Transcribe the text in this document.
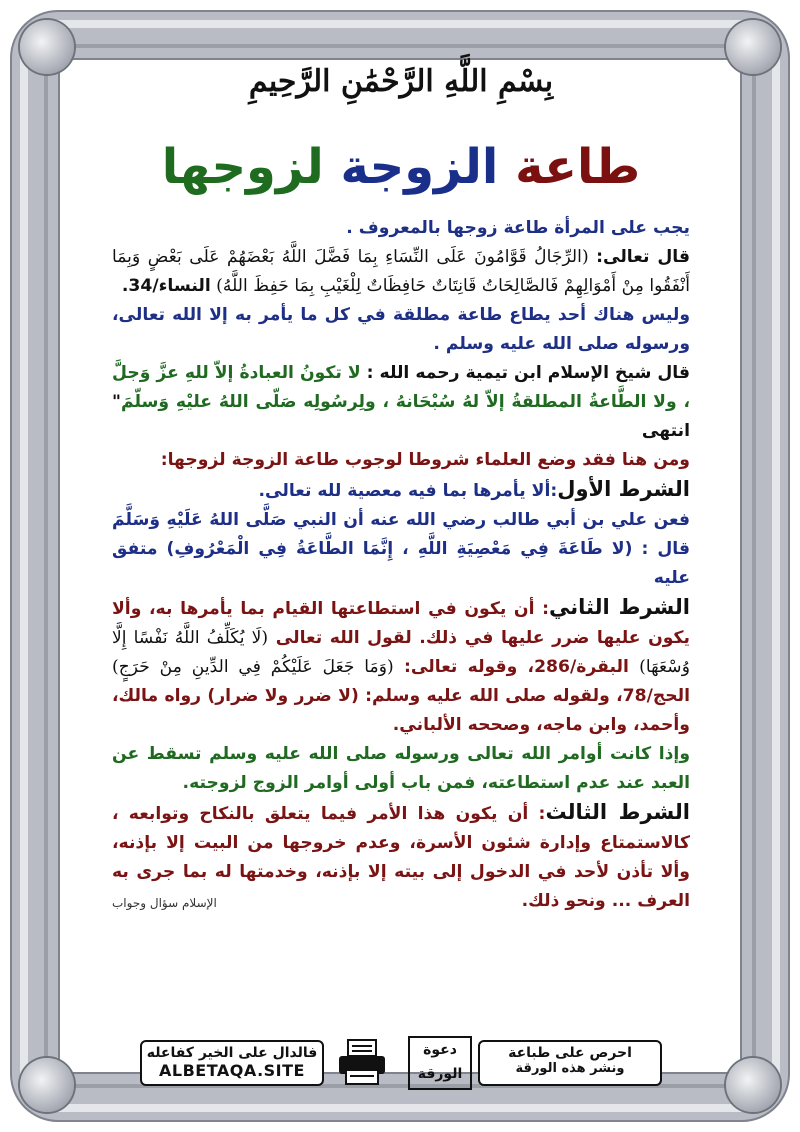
بِسْمِ اللَّهِ الرَّحْمَٰنِ الرَّحِيمِ
طاعة الزوجة لزوجها

يجب على المرأة طاعة زوجها بالمعروف .

قال تعالى: (الرِّجَالُ قَوَّامُونَ عَلَى النِّسَاءِ بِمَا فَضَّلَ اللَّهُ بَعْضَهُمْ عَلَى بَعْضٍ وَبِمَا أَنْفَقُوا مِنْ أَمْوَالِهِمْ فَالصَّالِحَاتُ قَانِتَاتٌ حَافِظَاتٌ لِلْغَيْبِ بِمَا حَفِظَ اللَّهُ) النساء/34.

وليس هناك أحد يطاع طاعة مطلقة في كل ما يأمر به إلا الله تعالى، ورسوله صلى الله عليه وسلم .

قال شيخ الإسلام ابن تيمية رحمه الله : لا تكونُ العبادةُ إلاّ للهِ عزَّ وَجلَّ ، ولا الطَّاعةُ المطلقةُ إلاّ لهُ سُبْحَانهُ ، ولِرسُولِه صَلّى اللهُ عليْهِ وَسلّمَ" انتهى

ومن هنا فقد وضع العلماء شروطا لوجوب طاعة الزوجة لزوجها:

الشرط الأول:ألا يأمرها بما فيه معصية لله تعالى.

فعن علي بن أبي طالب رضي الله عنه أن النبي صَلَّى اللهُ عَلَيْهِ وَسَلَّمَ قال : (لا طَاعَةَ فِي مَعْصِيَةِ اللَّهِ ، إِنَّمَا الطَّاعَةُ فِي الْمَعْرُوفِ) متفق عليه

الشرط الثاني: أن يكون في استطاعتها القيام بما يأمرها به، وألا يكون عليها ضرر عليها في ذلك. لقول الله تعالى (لَا يُكَلِّفُ اللَّهُ نَفْسًا إِلَّا وُسْعَهَا) البقرة/286، وقوله تعالى: (وَمَا جَعَلَ عَلَيْكُمْ فِي الدِّينِ مِنْ حَرَجٍ) الحج/78، ولقوله صلى الله عليه وسلم: (لا ضرر ولا ضرار) رواه مالك، وأحمد، وابن ماجه، وصححه الألباني.

وإذا كانت أوامر الله تعالى ورسوله صلى الله عليه وسلم تسقط عن العبد عند عدم استطاعته، فمن باب أولى أوامر الزوج لزوجته.

الشرط الثالث: أن يكون هذا الأمر فيما يتعلق بالنكاح وتوابعه ، كالاستمتاع وإدارة شئون الأسرة، وعدم خروجها من البيت إلا بإذنه، وألا تأذن لأحد في الدخول إلى بيته إلا بإذنه، وخدمتها له بما جرى به العرف ... ونحو ذلك.

الإسلام سؤال وجواب
فالدال على الخير كفاعله
ALBETAQA.SITE
دعوة
الورقة
احرص على طباعة
ونشر هذه الورقة
